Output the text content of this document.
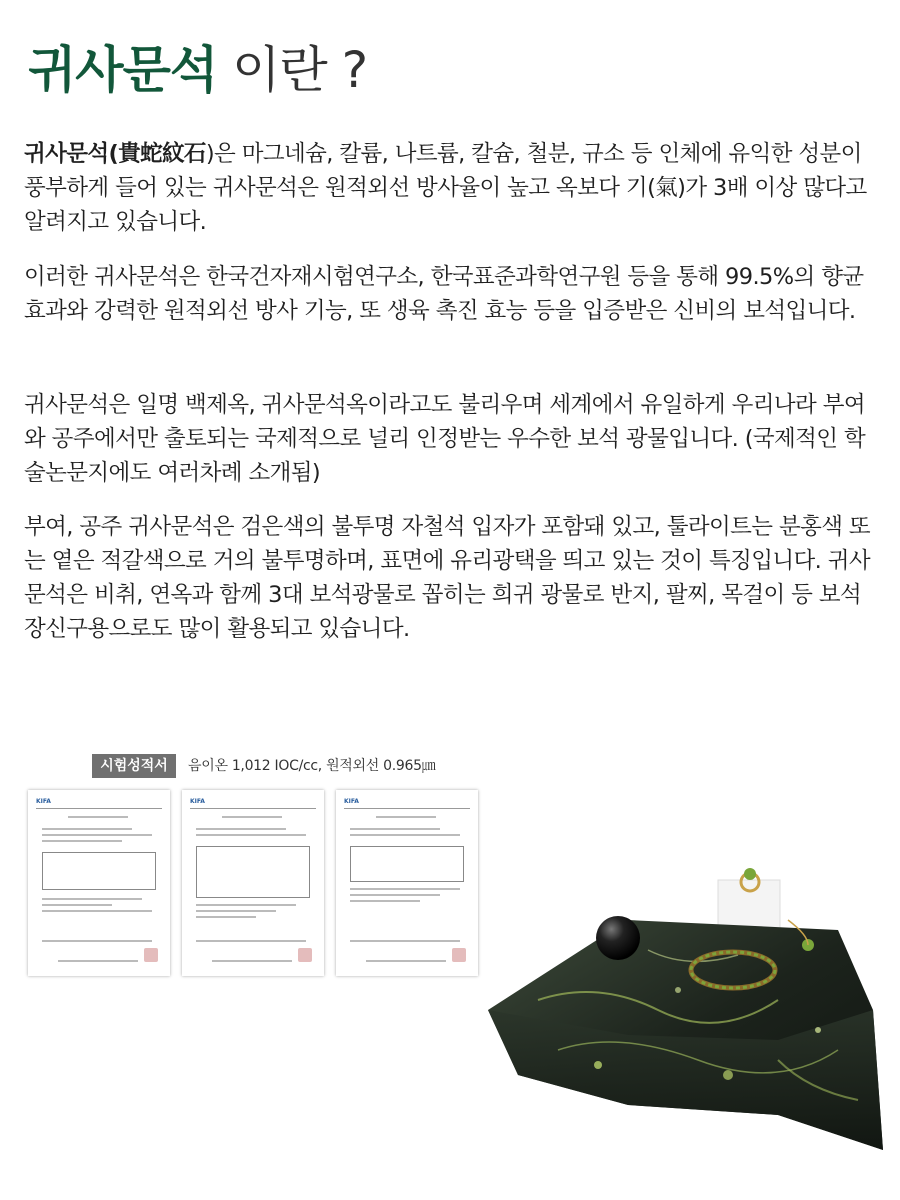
귀사문석 이란 ?

귀사문석(貴蛇紋石)은 마그네슘, 칼륨, 나트륨, 칼슘, 철분, 규소 등 인체에 유익한 성분이 풍부하게 들어 있는 귀사문석은 원적외선 방사율이 높고 옥보다 기(氣)가 3배 이상 많다고 알려지고 있습니다.

이러한 귀사문석은 한국건자재시험연구소, 한국표준과학연구원 등을 통해 99.5%의 향균 효과와 강력한 원적외선 방사 기능, 또 생육 촉진 효능 등을 입증받은 신비의 보석입니다.

귀사문석은 일명 백제옥, 귀사문석옥이라고도 불리우며 세계에서 유일하게 우리나라 부여와 공주에서만 출토되는 국제적으로 널리 인정받는 우수한 보석 광물입니다. (국제적인 학술논문지에도 여러차례 소개됨)

부여, 공주 귀사문석은 검은색의 불투명 자철석 입자가 포함돼 있고, 툴라이트는 분홍색 또는 옅은 적갈색으로 거의 불투명하며, 표면에 유리광택을 띄고 있는 것이 특징입니다. 귀사문석은 비취, 연옥과 함께 3대 보석광물로 꼽히는 희귀 광물로 반지, 팔찌, 목걸이 등 보석 장신구용으로도 많이 활용되고 있습니다.

시험성적서	음이온 1,012 IOC/cc, 원적외선 0.965㎛
KIFA	KIFA	KIFA
